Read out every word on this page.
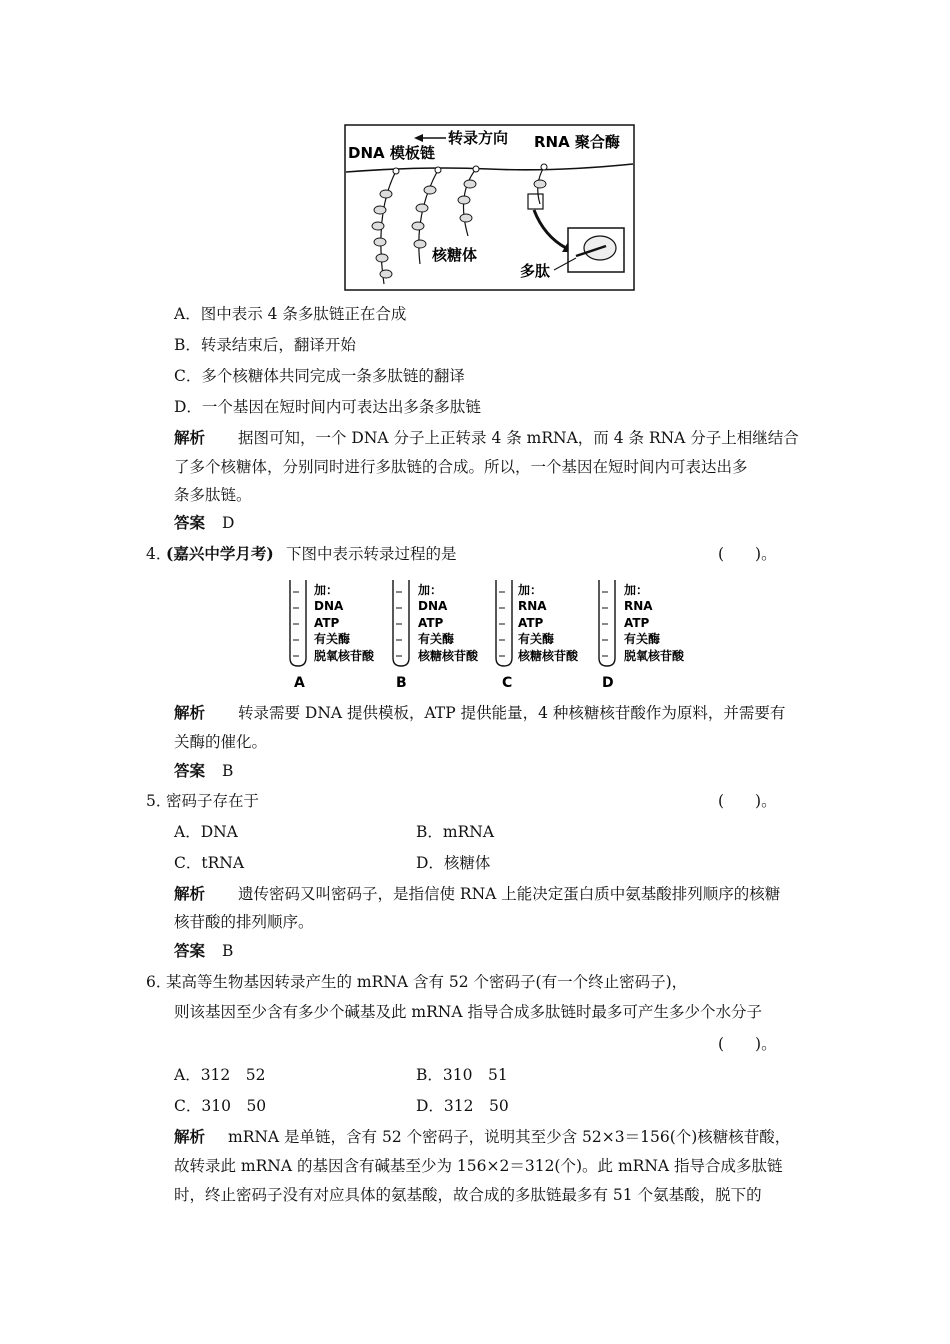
转录方向 RNA 聚合酶
DNA 模板链
核糖体
多肽
A．图中表示 4 条多肽链正在合成
B．转录结束后，翻译开始
C．多个核糖体共同完成一条多肽链的翻译
D．一个基因在短时间内可表达出多条多肽链
解析 据图可知，一个 DNA 分子上正转录 4 条 mRNA，而 4 条 RNA 分子上相继结合
了多个核糖体，分别同时进行多肽链的合成。所以，一个基因在短时间内可表达出多
条多肽链。
答案 D
4．
(嘉兴中学月考) 下图中表示转录过程的是	(　　)。
加：
DNA
ATP
有关酶
脱氧核苷酸
加：
DNA
ATP
有关酶
核糖核苷酸
加：
RNA
ATP
有关酶
核糖核苷酸
加：
RNA
ATP
有关酶
脱氧核苷酸
A	B	C	D
解析 转录需要 DNA 提供模板，ATP 提供能量，4 种核糖核苷酸作为原料，并需要有
关酶的催化。
答案 B
5．
密码子存在于	(　　)。
A．DNA	B．mRNA
C．tRNA	D．核糖体
解析 遗传密码又叫密码子，是指信使 RNA 上能决定蛋白质中氨基酸排列顺序的核糖
核苷酸的排列顺序。
答案 B
6．
某高等生物基因转录产生的 mRNA 含有 52 个密码子(有一个终止密码子)，
则该基因至少含有多少个碱基及此 mRNA 指导合成多肽链时最多可产生多少个水分子
(　　)。
A．312　52	B．310　51
C．310　50	D．312　50
解析 mRNA 是单链，含有 52 个密码子，说明其至少含 52×3＝156(个)核糖核苷酸，
故转录此 mRNA 的基因含有碱基至少为 156×2＝312(个)。此 mRNA 指导合成多肽链
时，终止密码子没有对应具体的氨基酸，故合成的多肽链最多有 51 个氨基酸，脱下的
